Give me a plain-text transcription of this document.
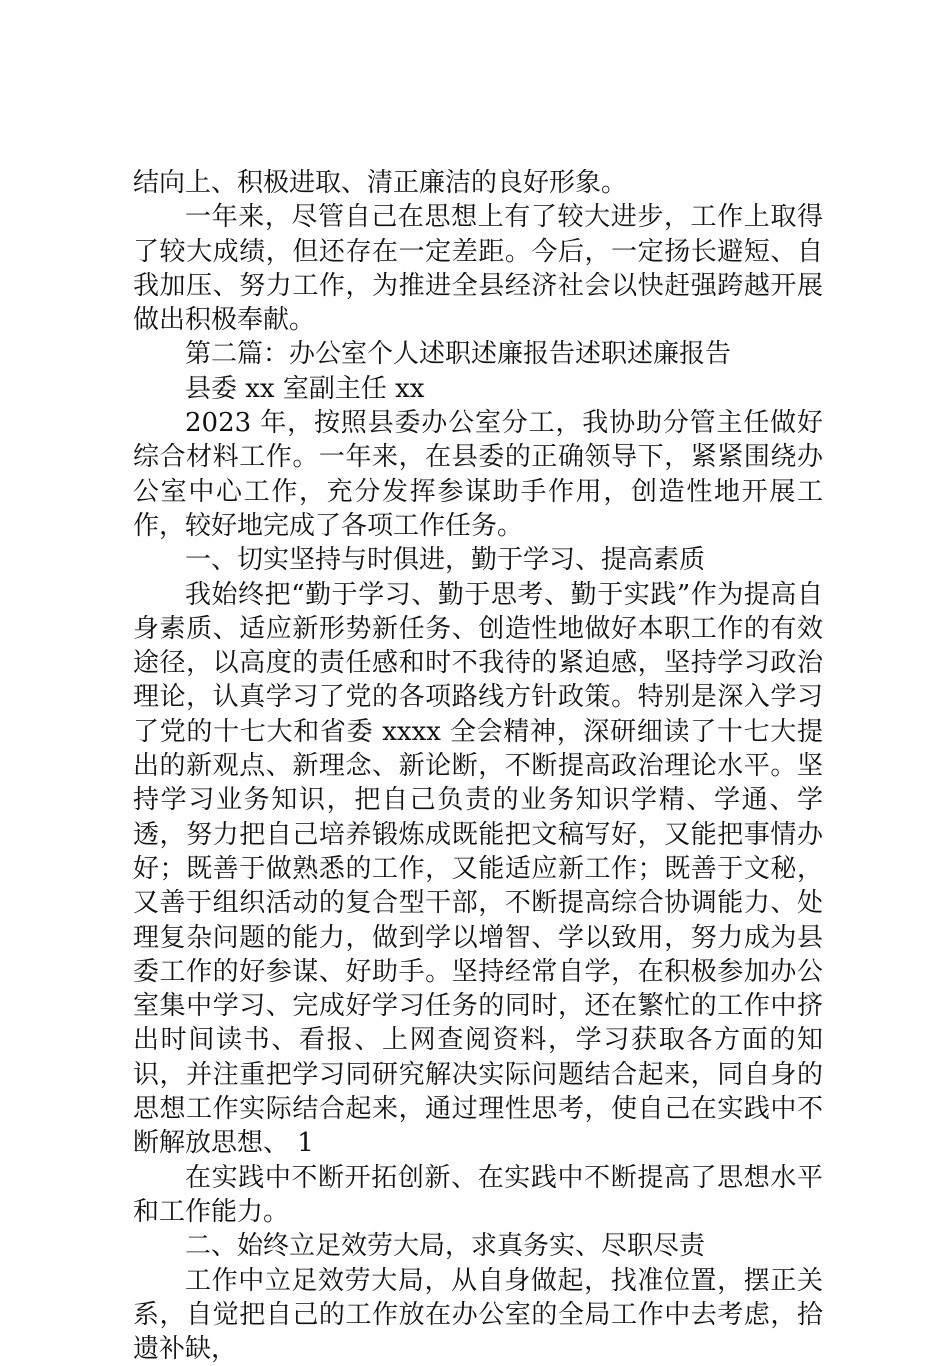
结向上、积极进取、清正廉洁的良好形象。

一年来，尽管自己在思想上有了较大进步，工作上取得了较大成绩，但还存在一定差距。今后，一定扬长避短、自我加压、努力工作，为推进全县经济社会以快赶强跨越开展做出积极奉献。

第二篇：办公室个人述职述廉报告述职述廉报告

县委 xx 室副主任 xx

2023 年，按照县委办公室分工，我协助分管主任做好综合材料工作。一年来，在县委的正确领导下，紧紧围绕办公室中心工作，充分发挥参谋助手作用，创造性地开展工作，较好地完成了各项工作任务。

一、切实坚持与时俱进，勤于学习、提高素质

我始终把“勤于学习、勤于思考、勤于实践”作为提高自身素质、适应新形势新任务、创造性地做好本职工作的有效途径，以高度的责任感和时不我待的紧迫感，坚持学习政治理论，认真学习了党的各项路线方针政策。特别是深入学习了党的十七大和省委 xxxx 全会精神，深研细读了十七大提出的新观点、新理念、新论断，不断提高政治理论水平。坚持学习业务知识，把自己负责的业务知识学精、学通、学透，努力把自己培养锻炼成既能把文稿写好，又能把事情办好；既善于做熟悉的工作，又能适应新工作；既善于文秘，又善于组织活动的复合型干部，不断提高综合协调能力、处理复杂问题的能力，做到学以增智、学以致用，努力成为县委工作的好参谋、好助手。坚持经常自学，在积极参加办公室集中学习、完成好学习任务的同时，还在繁忙的工作中挤出时间读书、看报、上网查阅资料，学习获取各方面的知识，并注重把学习同研究解决实际问题结合起来，同自身的思想工作实际结合起来，通过理性思考，使自己在实践中不断解放思想、 1

在实践中不断开拓创新、在实践中不断提高了思想水平和工作能力。

二、始终立足效劳大局，求真务实、尽职尽责

工作中立足效劳大局，从自身做起，找准位置，摆正关系，自觉把自己的工作放在办公室的全局工作中去考虑，拾遗补缺，
